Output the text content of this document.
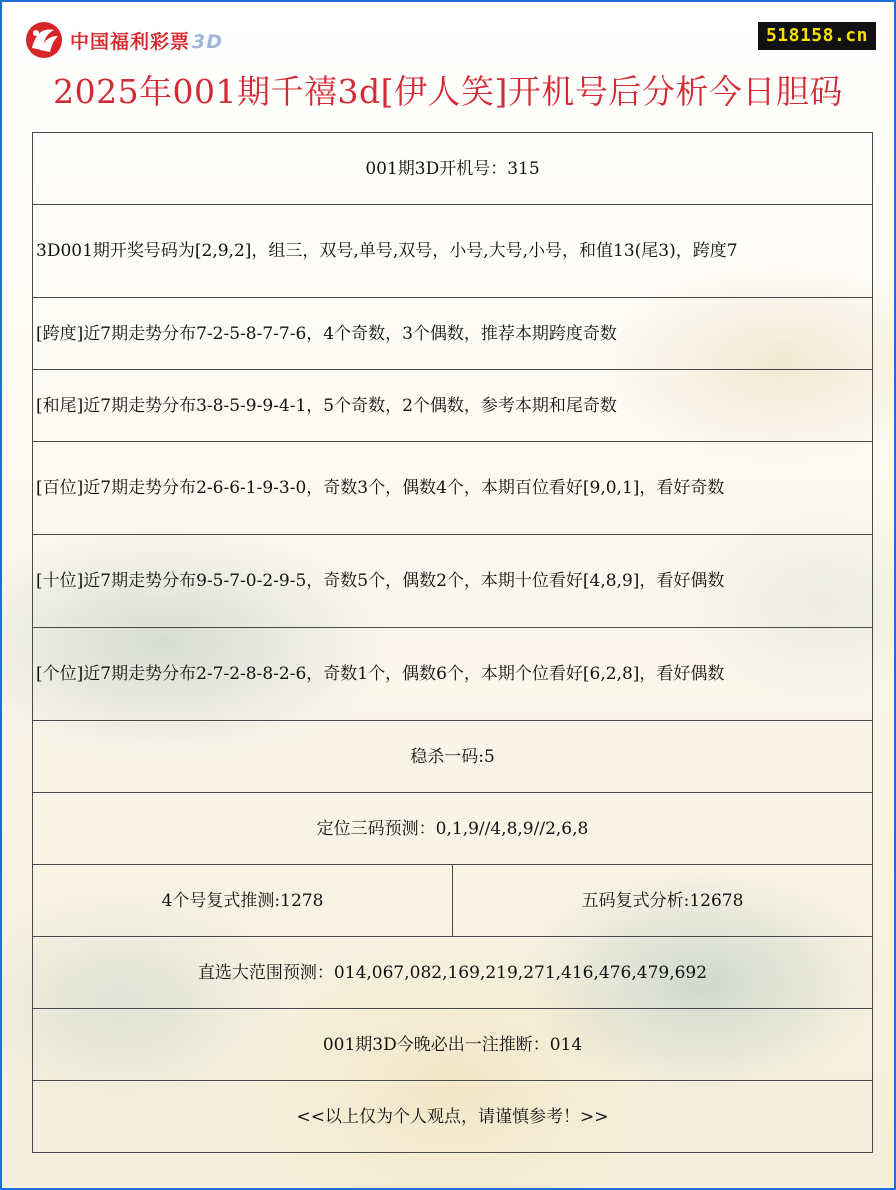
中国福利彩票 3D	518158.cn
2025年001期千禧3d[伊人笑]开机号后分析今日胆码
001期3D开机号：315
3D001期开奖号码为[2,9,2]，组三，双号,单号,双号，小号,大号,小号，和值13(尾3)，跨度7
[跨度]近7期走势分布7-2-5-8-7-7-6，4个奇数，3个偶数，推荐本期跨度奇数
[和尾]近7期走势分布3-8-5-9-9-4-1，5个奇数，2个偶数，参考本期和尾奇数
[百位]近7期走势分布2-6-6-1-9-3-0，奇数3个，偶数4个，本期百位看好[9,0,1]，看好奇数
[十位]近7期走势分布9-5-7-0-2-9-5，奇数5个，偶数2个，本期十位看好[4,8,9]，看好偶数
[个位]近7期走势分布2-7-2-8-8-2-6，奇数1个，偶数6个，本期个位看好[6,2,8]，看好偶数
稳杀一码:5
定位三码预测：0,1,9//4,8,9//2,6,8
4个号复式推测:1278	五码复式分析:12678
直选大范围预测：014,067,082,169,219,271,416,476,479,692
001期3D今晚必出一注推断：014
<<以上仅为个人观点，请谨慎参考！>>
